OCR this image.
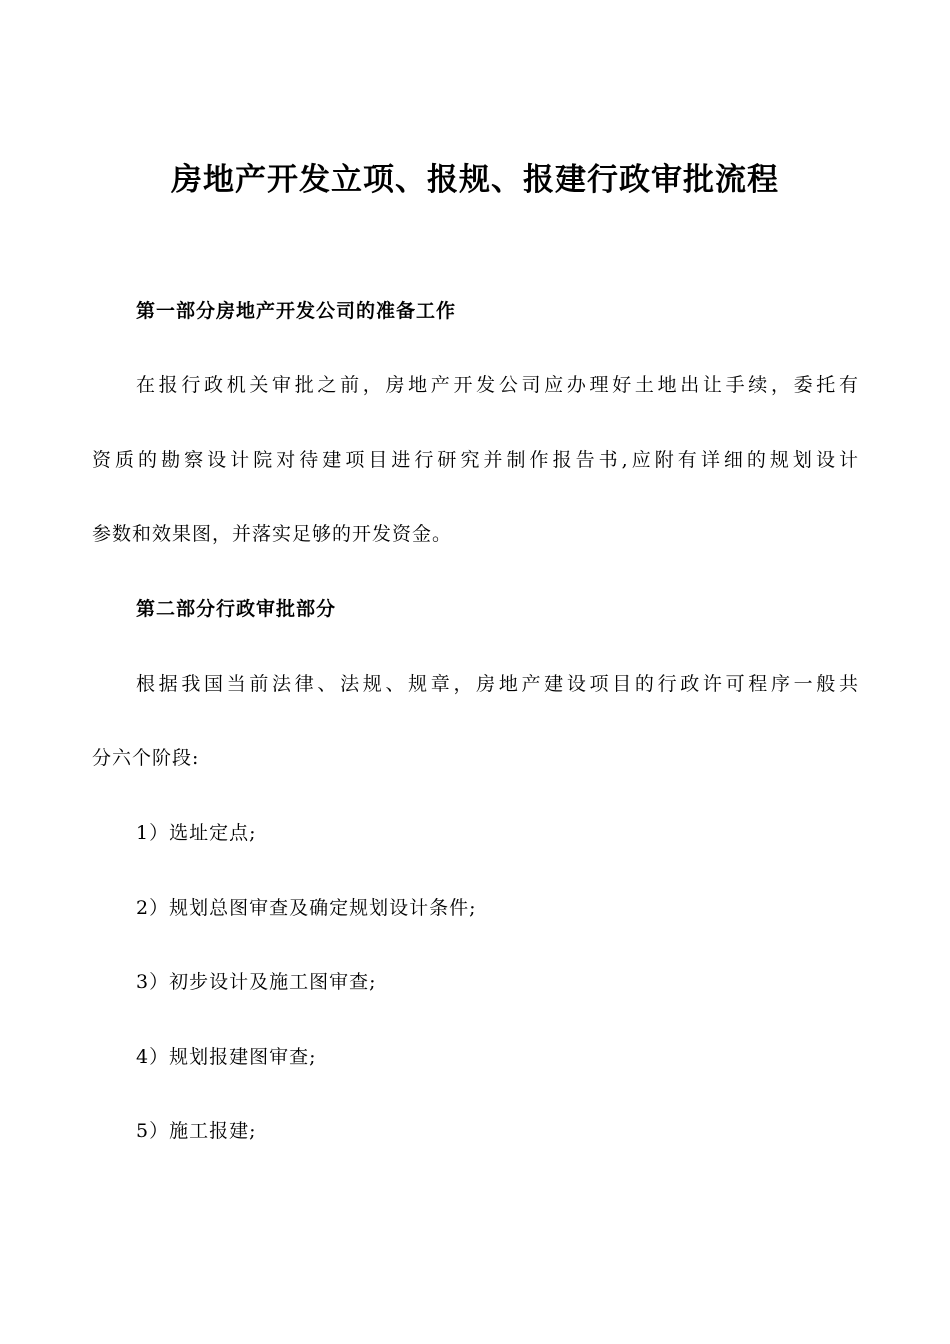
房地产开发立项、报规、报建行政审批流程
第一部分房地产开发公司的准备工作
在报行政机关审批之前，房地产开发公司应办理好土地出让手续，委托有
资质的勘察设计院对待建项目进行研究并制作报告书,应附有详细的规划设计
参数和效果图，并落实足够的开发资金。
第二部分行政审批部分
根据我国当前法律、法规、规章，房地产建设项目的行政许可程序一般共
分六个阶段:
1）选址定点;
2）规划总图审查及确定规划设计条件;
3）初步设计及施工图审查;
4）规划报建图审查;
5）施工报建;
